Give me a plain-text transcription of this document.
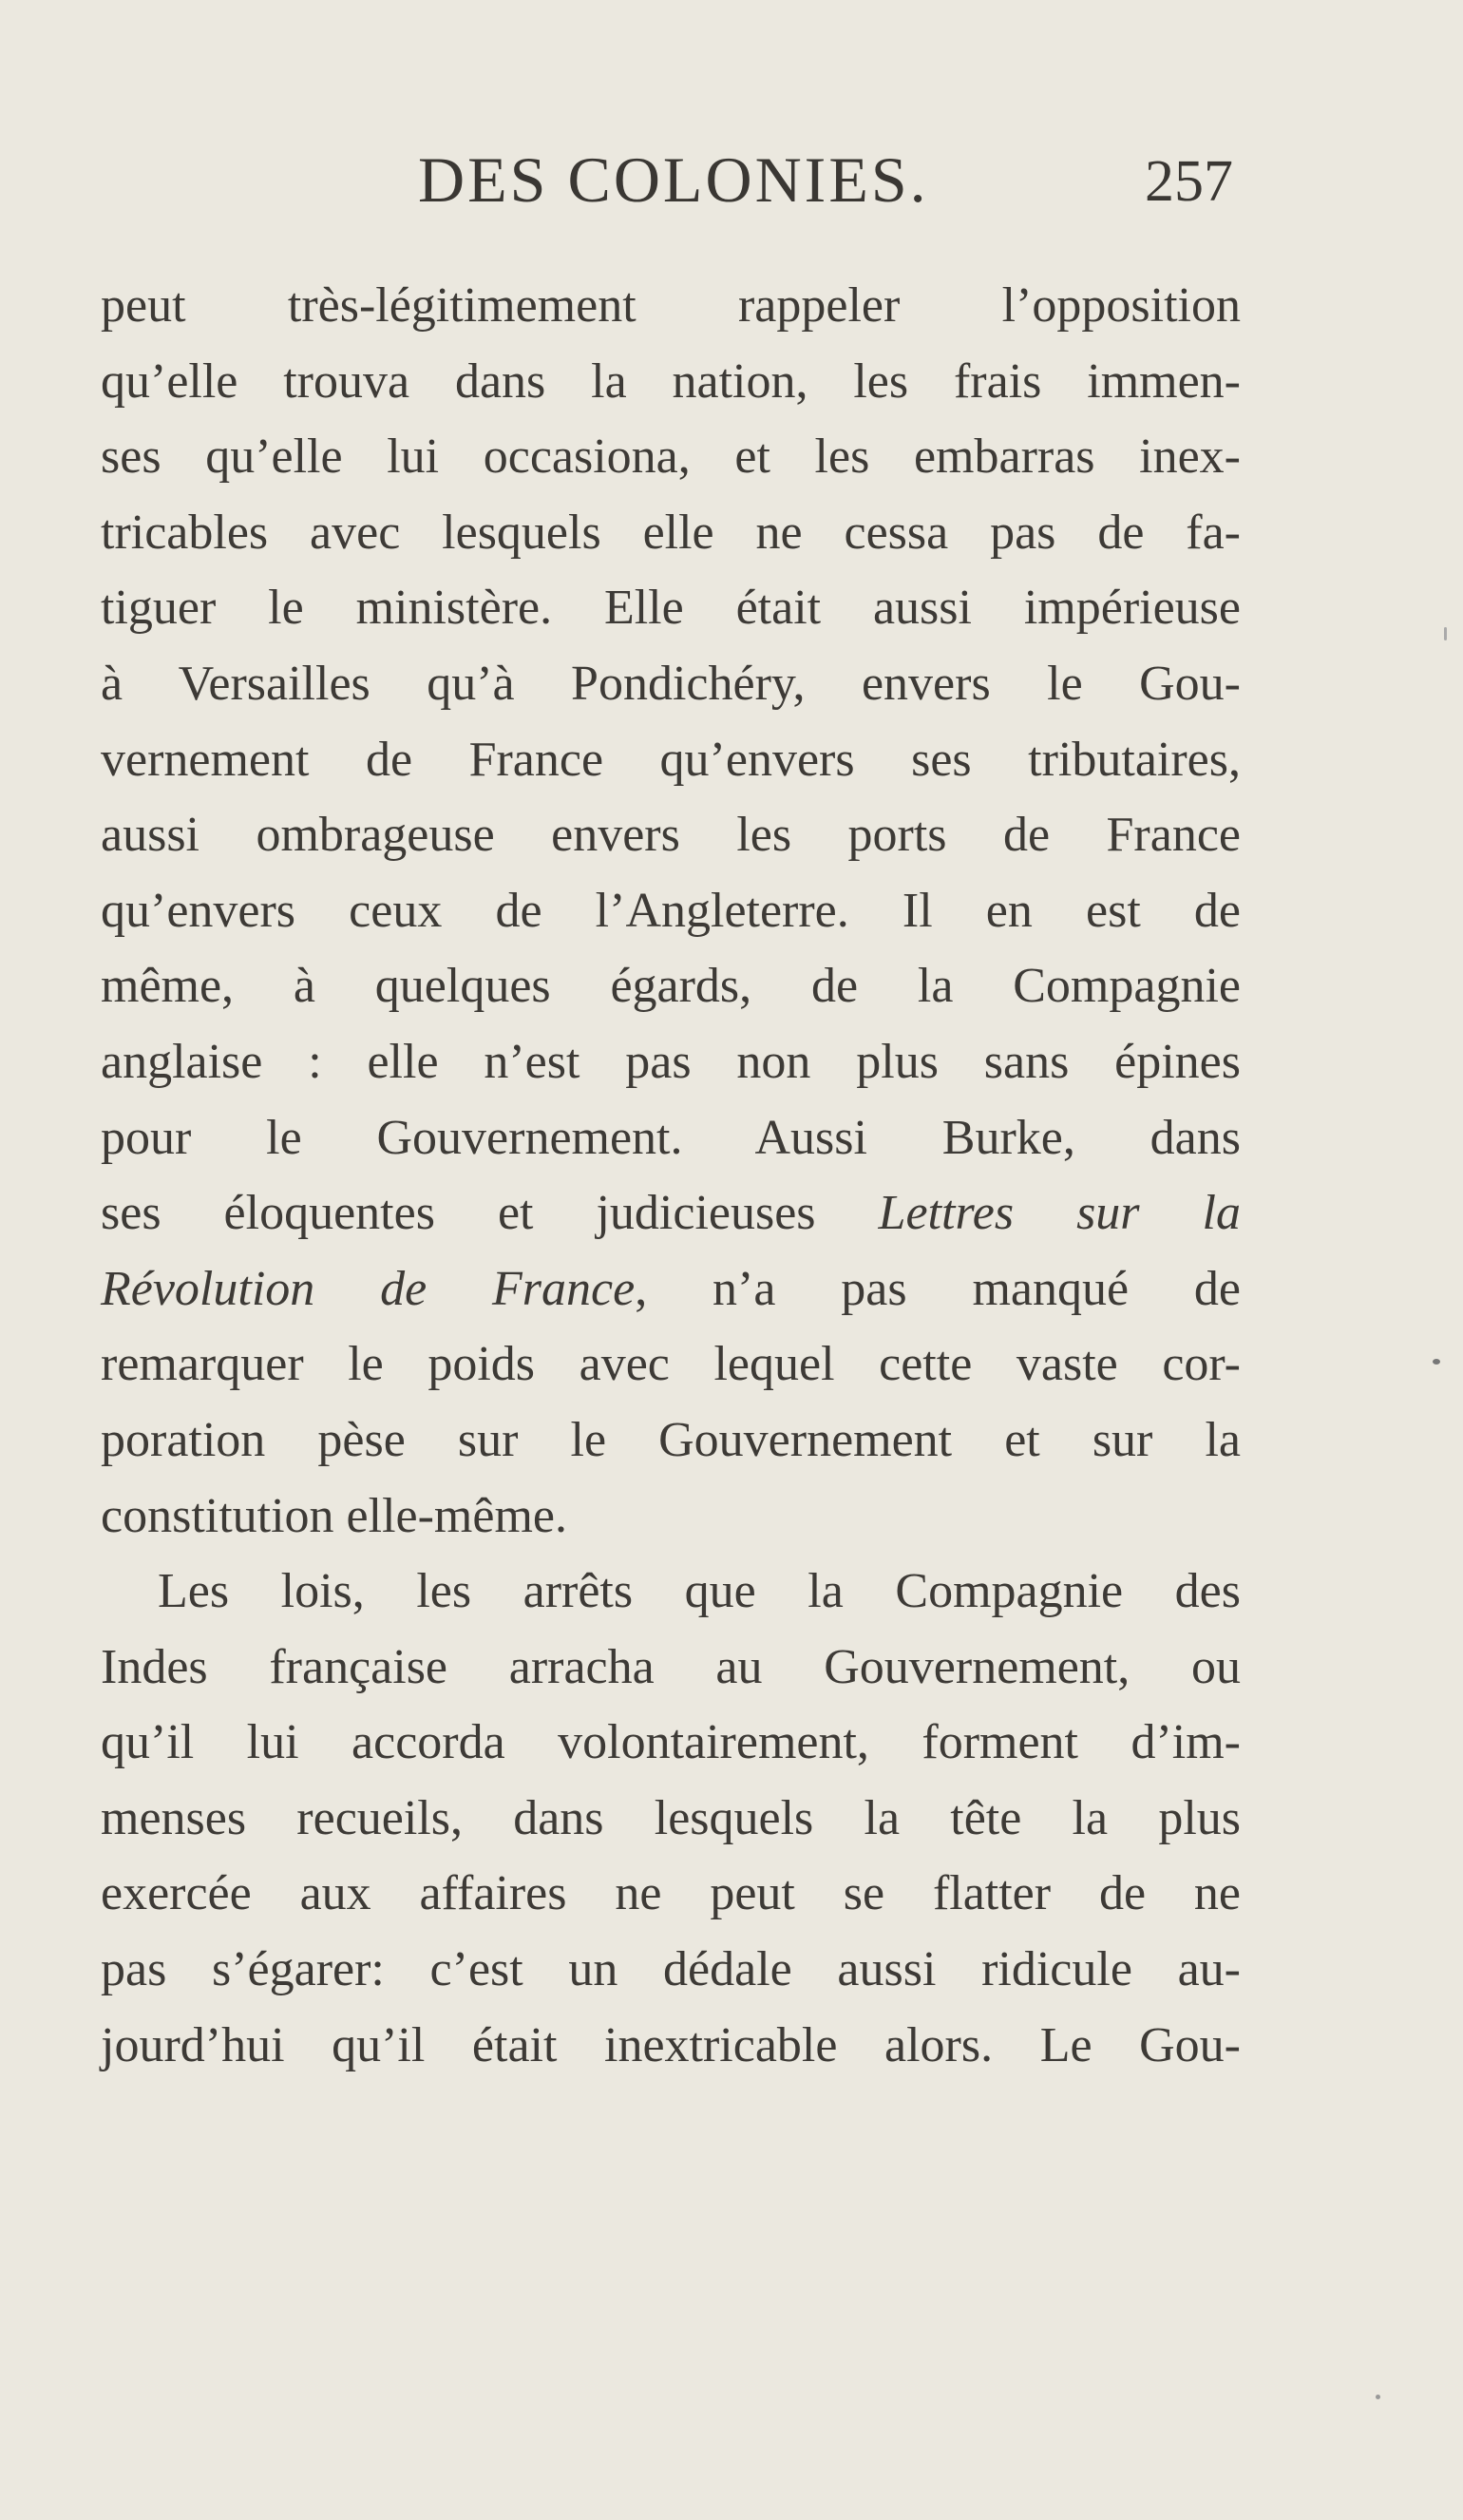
DES COLONIES.	257
peut très-légitimement rappeler l’opposition
qu’elle trouva dans la nation, les frais immen-
ses qu’elle lui occasiona, et les embarras inex-
tricables avec lesquels elle ne cessa pas de fa-
tiguer le ministère. Elle était aussi impérieuse
à Versailles qu’à Pondichéry, envers le Gou-
vernement de France qu’envers ses tributaires,
aussi ombrageuse envers les ports de France
qu’envers ceux de l’Angleterre. Il en est de
même, à quelques égards, de la Compagnie
anglaise : elle n’est pas non plus sans épines
pour le Gouvernement. Aussi Burke, dans
ses éloquentes et judicieuses Lettres sur la
Révolution de France, n’a pas manqué de
remarquer le poids avec lequel cette vaste cor-
poration pèse sur le Gouvernement et sur la
constitution elle-même.
Les lois, les arrêts que la Compagnie des
Indes française arracha au Gouvernement, ou
qu’il lui accorda volontairement, forment d’im-
menses recueils, dans lesquels la tête la plus
exercée aux affaires ne peut se flatter de ne
pas s’égarer: c’est un dédale aussi ridicule au-
jourd’hui qu’il était inextricable alors. Le Gou-
